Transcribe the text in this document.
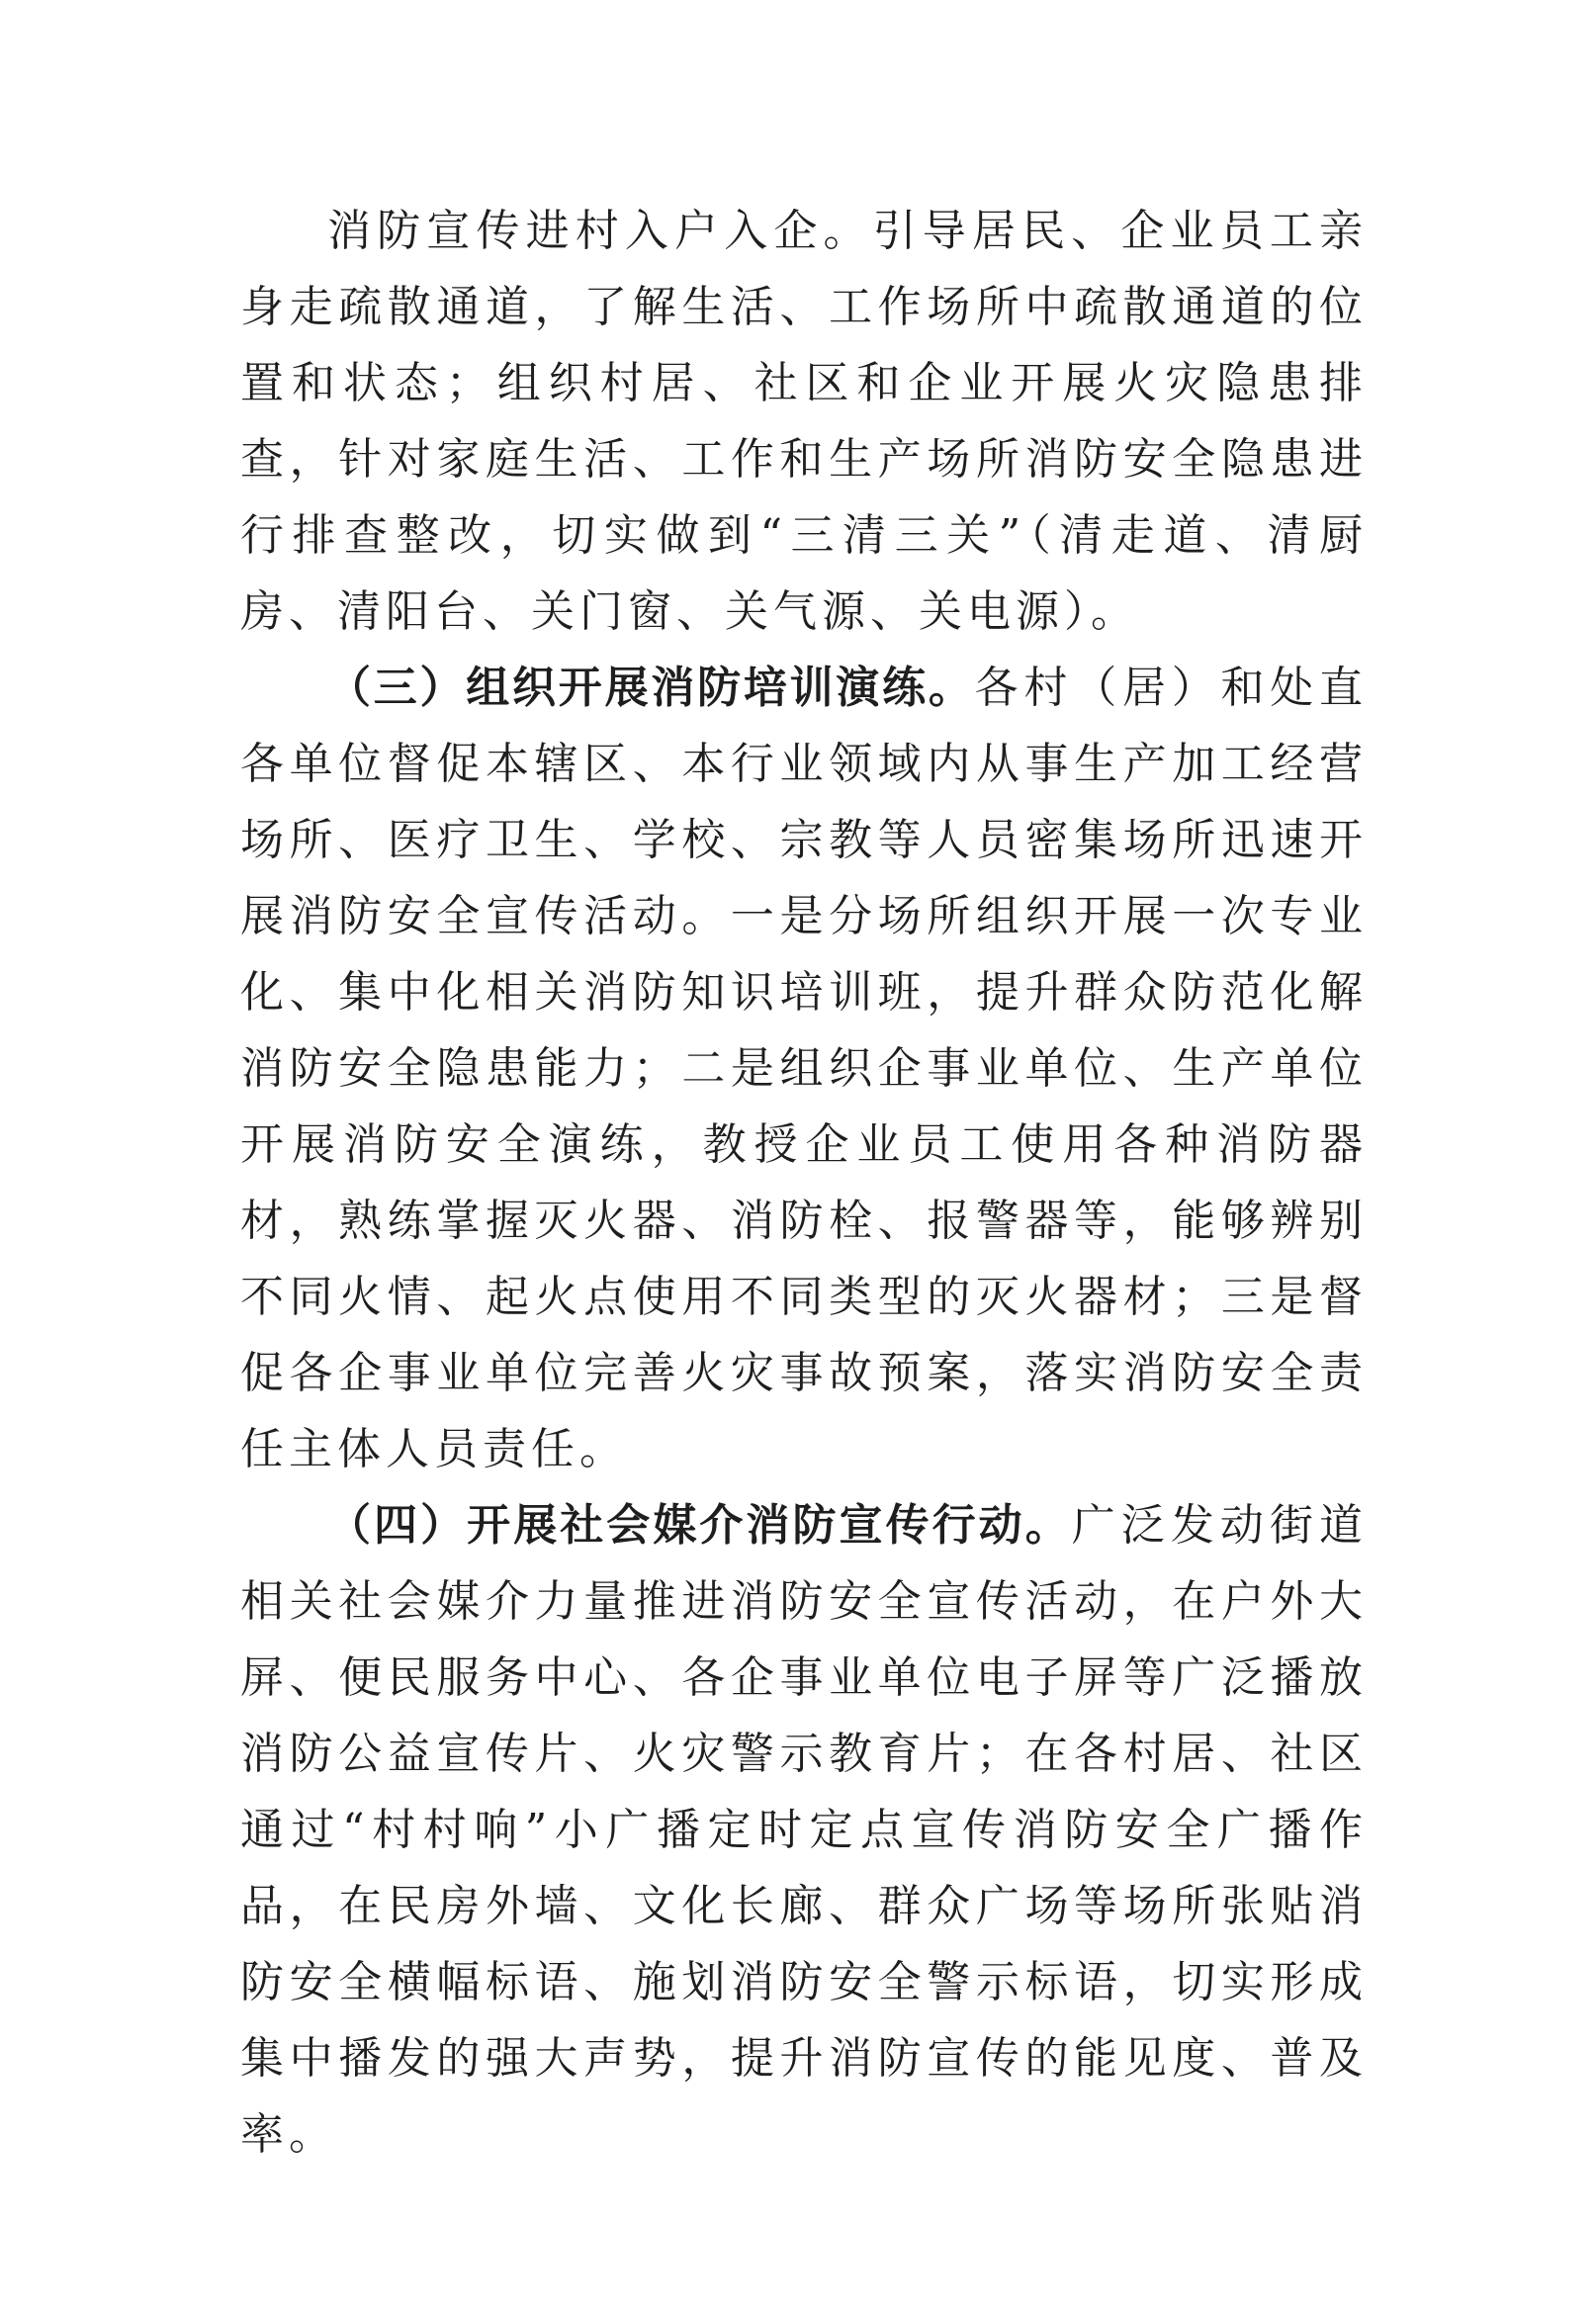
消防宣传进村入户入企。引导居民、企业员工亲身走疏散通道，了解生活、工作场所中疏散通道的位置和状态；组织村居、社区和企业开展火灾隐患排查，针对家庭生活、工作和生产场所消防安全隐患进行排查整改，切实做到“三清三关”（清走道、清厨房、清阳台、关门窗、关气源、关电源）。

（三）组织开展消防培训演练。各村（居）和处直各单位督促本辖区、本行业领域内从事生产加工经营场所、医疗卫生、学校、宗教等人员密集场所迅速开展消防安全宣传活动。一是分场所组织开展一次专业化、集中化相关消防知识培训班，提升群众防范化解消防安全隐患能力；二是组织企事业单位、生产单位开展消防安全演练，教授企业员工使用各种消防器材，熟练掌握灭火器、消防栓、报警器等，能够辨别不同火情、起火点使用不同类型的灭火器材；三是督促各企事业单位完善火灾事故预案，落实消防安全责任主体人员责任。

（四）开展社会媒介消防宣传行动。广泛发动街道相关社会媒介力量推进消防安全宣传活动，在户外大屏、便民服务中心、各企事业单位电子屏等广泛播放消防公益宣传片、火灾警示教育片；在各村居、社区通过“村村响”小广播定时定点宣传消防安全广播作品，在民房外墙、文化长廊、群众广场等场所张贴消防安全横幅标语、施划消防安全警示标语，切实形成集中播发的强大声势，提升消防宣传的能见度、普及率。
